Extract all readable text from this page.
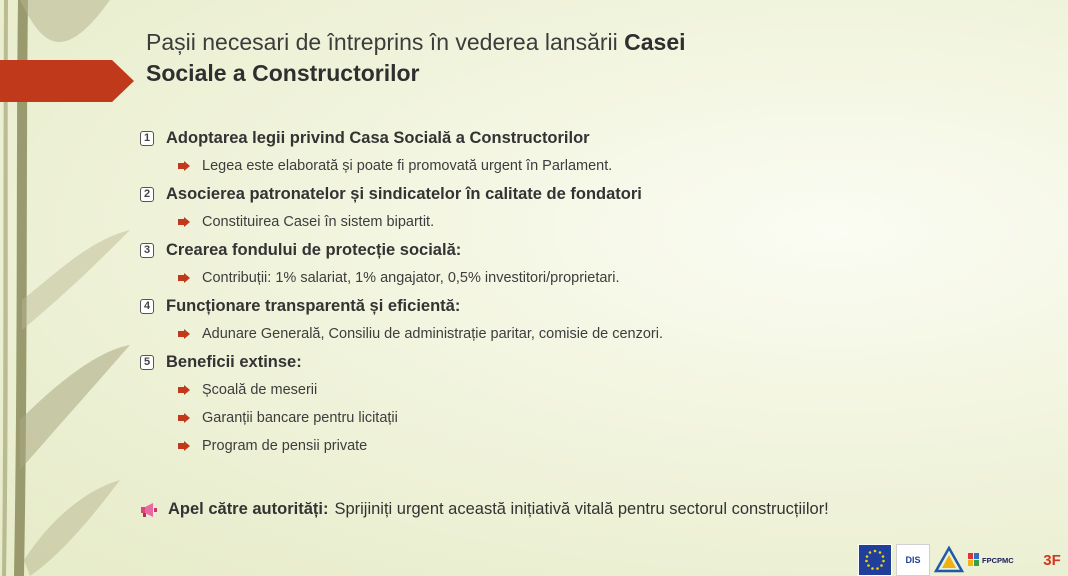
Pașii necesari de întreprins în vederea lansării Casei
Sociale a Constructorilor
1 Adoptarea legii privind Casa Socială a Constructorilor
Legea este elaborată și poate fi promovată urgent în Parlament.
2 Asocierea patronatelor și sindicatelor în calitate de fondatori
Constituirea Casei în sistem bipartit.
3 Crearea fondului de protecție socială:
Contribuții: 1% salariat, 1% angajator, 0,5% investitori/proprietari.
4 Funcționare transparentă și eficientă:
Adunare Generală, Consiliu de administrație paritar, comisie de cenzori.
5 Beneficii extinse:
Școală de meserii
Garanții bancare pentru licitații
Program de pensii private
Apel către autorități: Sprijiniți urgent această inițiativă vitală pentru sectorul construcțiilor!
DIS	FPCPMC 3 F
